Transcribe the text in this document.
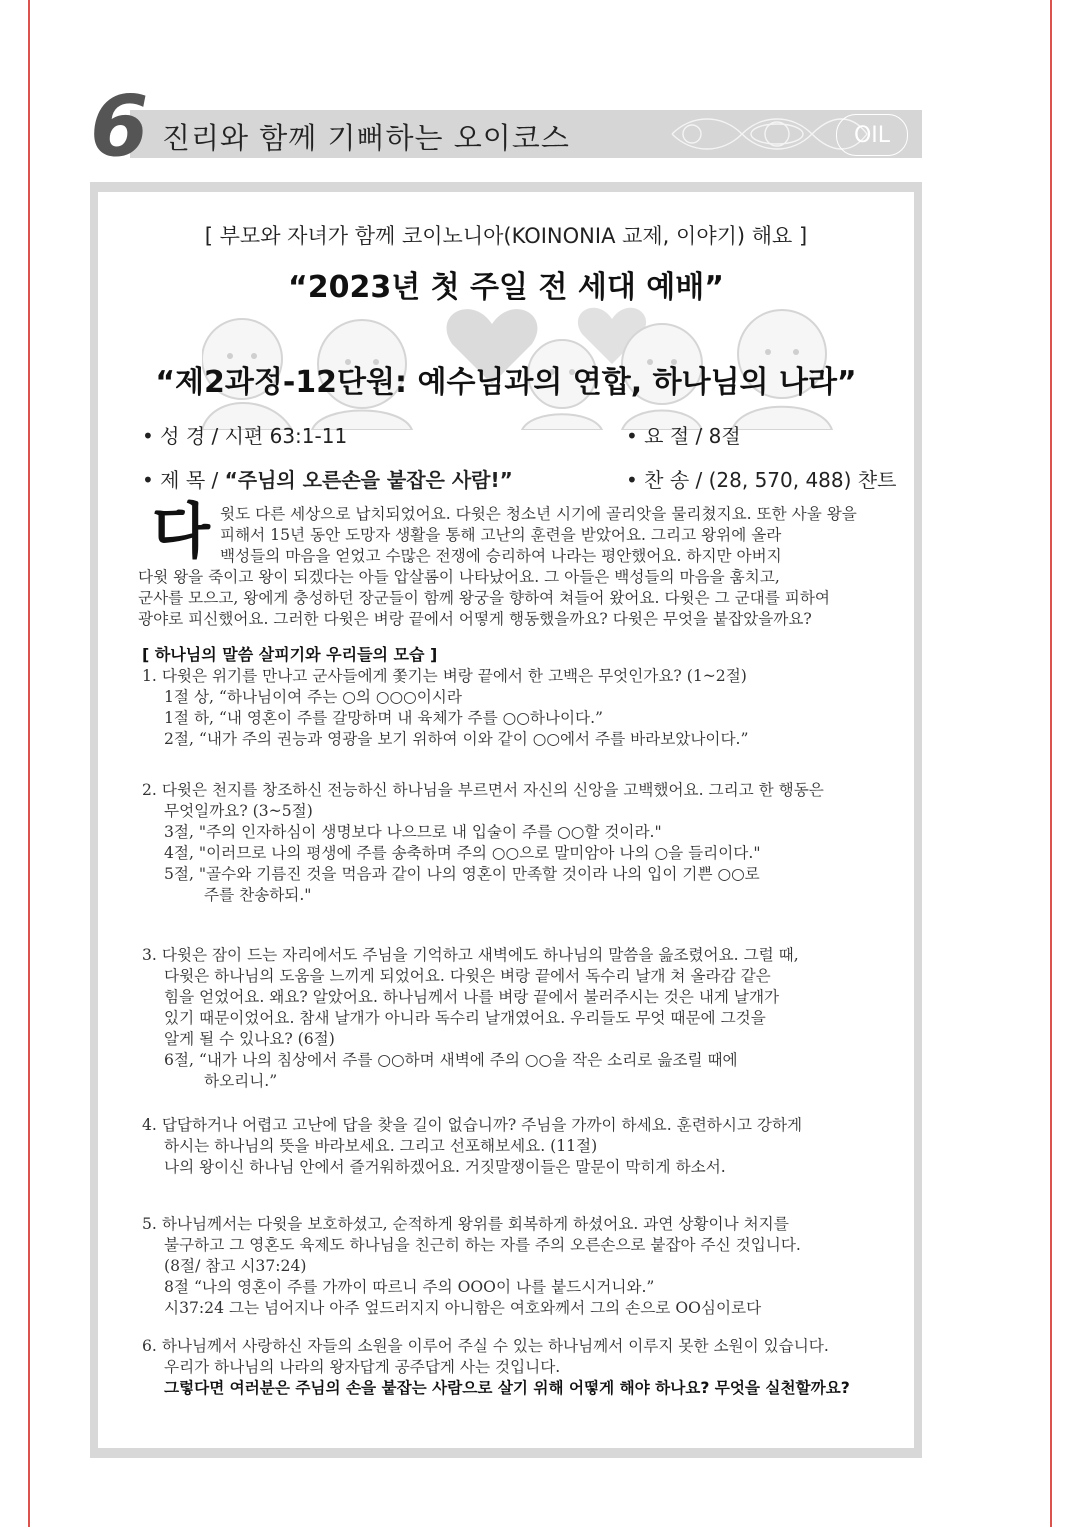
6 진리와 함께 기뻐하는 오이코스	OIL
[ 부모와 자녀가 함께 코이노니아(KOINONIA 교제, 이야기) 해요 ]
“2023년 첫 주일 전 세대 예배”
“제2과정-12단원: 예수님과의 연합, 하나님의 나라”
• 성 경 / 시편 63:1-11	• 요 절 / 8절
• 제 목 / “주님의 오른손을 붙잡은 사람!”	• 찬 송 / (28, 570, 488) 챤트
다 윗도 다른 세상으로 납치되었어요. 다윗은 청소년 시기에 골리앗을 물리쳤지요. 또한 사울 왕을
피해서 15년 동안 도망자 생활을 통해 고난의 훈련을 받았어요. 그리고 왕위에 올라
백성들의 마음을 얻었고 수많은 전쟁에 승리하여 나라는 평안했어요. 하지만 아버지
다윗 왕을 죽이고 왕이 되겠다는 아들 압살롬이 나타났어요. 그 아들은 백성들의 마음을 훔치고,
군사를 모으고, 왕에게 충성하던 장군들이 함께 왕궁을 향하여 쳐들어 왔어요. 다윗은 그 군대를 피하여
광야로 피신했어요. 그러한 다윗은 벼랑 끝에서 어떻게 행동했을까요? 다윗은 무엇을 붙잡았을까요?
[ 하나님의 말씀 살피기와 우리들의 모습 ]
1. 다윗은 위기를 만나고 군사들에게 쫓기는 벼랑 끝에서 한 고백은 무엇인가요? (1~2절)
1절 상, “하나님이여 주는 ○의 ○○○이시라
1절 하, “내 영혼이 주를 갈망하며 내 육체가 주를 ○○하나이다.”
2절, “내가 주의 권능과 영광을 보기 위하여 이와 같이 ○○에서 주를 바라보았나이다.”
2. 다윗은 천지를 창조하신 전능하신 하나님을 부르면서 자신의 신앙을 고백했어요. 그리고 한 행동은
무엇일까요? (3~5절)
3절, "주의 인자하심이 생명보다 나으므로 내 입술이 주를 ○○할 것이라."
4절, "이러므로 나의 평생에 주를 송축하며 주의 ○○으로 말미암아 나의 ○을 들리이다."
5절, "골수와 기름진 것을 먹음과 같이 나의 영혼이 만족할 것이라 나의 입이 기쁜 ○○로
주를 찬송하되."
3. 다윗은 잠이 드는 자리에서도 주님을 기억하고 새벽에도 하나님의 말씀을 읊조렸어요. 그럴 때,
다윗은 하나님의 도움을 느끼게 되었어요. 다윗은 벼랑 끝에서 독수리 날개 쳐 올라감 같은
힘을 얻었어요. 왜요? 알았어요. 하나님께서 나를 벼랑 끝에서 불러주시는 것은 내게 날개가
있기 때문이었어요. 참새 날개가 아니라 독수리 날개였어요. 우리들도 무엇 때문에 그것을
알게 될 수 있나요? (6절)
6절, “내가 나의 침상에서 주를 ○○하며 새벽에 주의 ○○을 작은 소리로 읊조릴 때에
하오리니.”
4. 답답하거나 어렵고 고난에 답을 찾을 길이 없습니까? 주님을 가까이 하세요. 훈련하시고 강하게
하시는 하나님의 뜻을 바라보세요. 그리고 선포해보세요. (11절)
나의 왕이신 하나님 안에서 즐거워하겠어요. 거짓말쟁이들은 말문이 막히게 하소서.
5. 하나님께서는 다윗을 보호하셨고, 순적하게 왕위를 회복하게 하셨어요. 과연 상황이나 처지를
불구하고 그 영혼도 육제도 하나님을 친근히 하는 자를 주의 오른손으로 붙잡아 주신 것입니다.
(8절/ 참고 시37:24)
8절 “나의 영혼이 주를 가까이 따르니 주의 OOO이 나를 붙드시거니와.”
시37:24 그는 넘어지나 아주 엎드러지지 아니함은 여호와께서 그의 손으로 OO심이로다
6. 하나님께서 사랑하신 자들의 소원을 이루어 주실 수 있는 하나님께서 이루지 못한 소원이 있습니다.
우리가 하나님의 나라의 왕자답게 공주답게 사는 것입니다.
그렇다면 여러분은 주님의 손을 붙잡는 사람으로 살기 위해 어떻게 해야 하나요? 무엇을 실천할까요?
